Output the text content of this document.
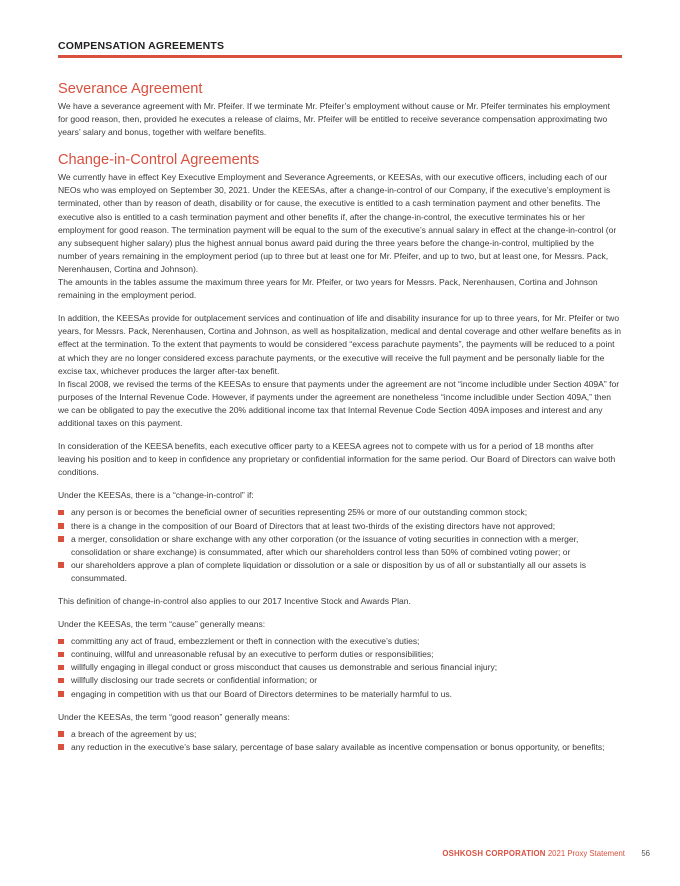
COMPENSATION AGREEMENTS
Severance Agreement

We have a severance agreement with Mr. Pfeifer. If we terminate Mr. Pfeifer’s employment without cause or Mr. Pfeifer terminates his employment for good reason, then, provided he executes a release of claims, Mr. Pfeifer will be entitled to receive severance compensation approximating two years’ salary and bonus, together with welfare benefits.

Change-in-Control Agreements

We currently have in effect Key Executive Employment and Severance Agreements, or KEESAs, with our executive officers, including each of our NEOs who was employed on September 30, 2021. Under the KEESAs, after a change-in-control of our Company, if the executive’s employment is terminated, other than by reason of death, disability or for cause, the executive is entitled to a cash termination payment and other benefits. The executive also is entitled to a cash termination payment and other benefits if, after the change-in-control, the executive terminates his or her employment for good reason. The termination payment will be equal to the sum of the executive’s annual salary in effect at the change-in-control (or any subsequent higher salary) plus the highest annual bonus award paid during the three years before the change-in-control, multiplied by the number of years remaining in the employment period (up to three but at least one for Mr. Pfeifer, and up to two, but at least one, for Messrs. Pack, Nerenhausen, Cortina and Johnson).

The amounts in the tables assume the maximum three years for Mr. Pfeifer, or two years for Messrs. Pack, Nerenhausen, Cortina and Johnson remaining in the employment period.

In addition, the KEESAs provide for outplacement services and continuation of life and disability insurance for up to three years, for Mr. Pfeifer or two years, for Messrs. Pack, Nerenhausen, Cortina and Johnson, as well as hospitalization, medical and dental coverage and other welfare benefits as in effect at the termination. To the extent that payments to would be considered “excess parachute payments”, the payments will be reduced to a point at which they are no longer considered excess parachute payments, or the executive will receive the full payment and be personally liable for the excise tax, whichever produces the larger after-tax benefit.

In fiscal 2008, we revised the terms of the KEESAs to ensure that payments under the agreement are not “income includible under Section 409A” for purposes of the Internal Revenue Code. However, if payments under the agreement are nonetheless “income includible under Section 409A,” then we can be obligated to pay the executive the 20% additional income tax that Internal Revenue Code Section 409A imposes and interest and any additional taxes on this payment.

In consideration of the KEESA benefits, each executive officer party to a KEESA agrees not to compete with us for a period of 18 months after leaving his position and to keep in confidence any proprietary or confidential information for the same period. Our Board of Directors can waive both conditions.

Under the KEESAs, there is a “change-in-control” if:

any person is or becomes the beneficial owner of securities representing 25% or more of our outstanding common stock;
there is a change in the composition of our Board of Directors that at least two-thirds of the existing directors have not approved;
a merger, consolidation or share exchange with any other corporation (or the issuance of voting securities in connection with a merger, consolidation or share exchange) is consummated, after which our shareholders control less than 50% of combined voting power; or
our shareholders approve a plan of complete liquidation or dissolution or a sale or disposition by us of all or substantially all our assets is consummated.

This definition of change-in-control also applies to our 2017 Incentive Stock and Awards Plan.

Under the KEESAs, the term “cause” generally means:

committing any act of fraud, embezzlement or theft in connection with the executive’s duties;
continuing, willful and unreasonable refusal by an executive to perform duties or responsibilities;
willfully engaging in illegal conduct or gross misconduct that causes us demonstrable and serious financial injury;
willfully disclosing our trade secrets or confidential information; or
engaging in competition with us that our Board of Directors determines to be materially harmful to us.

Under the KEESAs, the term “good reason” generally means:

a breach of the agreement by us;
any reduction in the executive’s base salary, percentage of base salary available as incentive compensation or bonus opportunity, or benefits;
OSHKOSH CORPORATION 2021 Proxy Statement 56
